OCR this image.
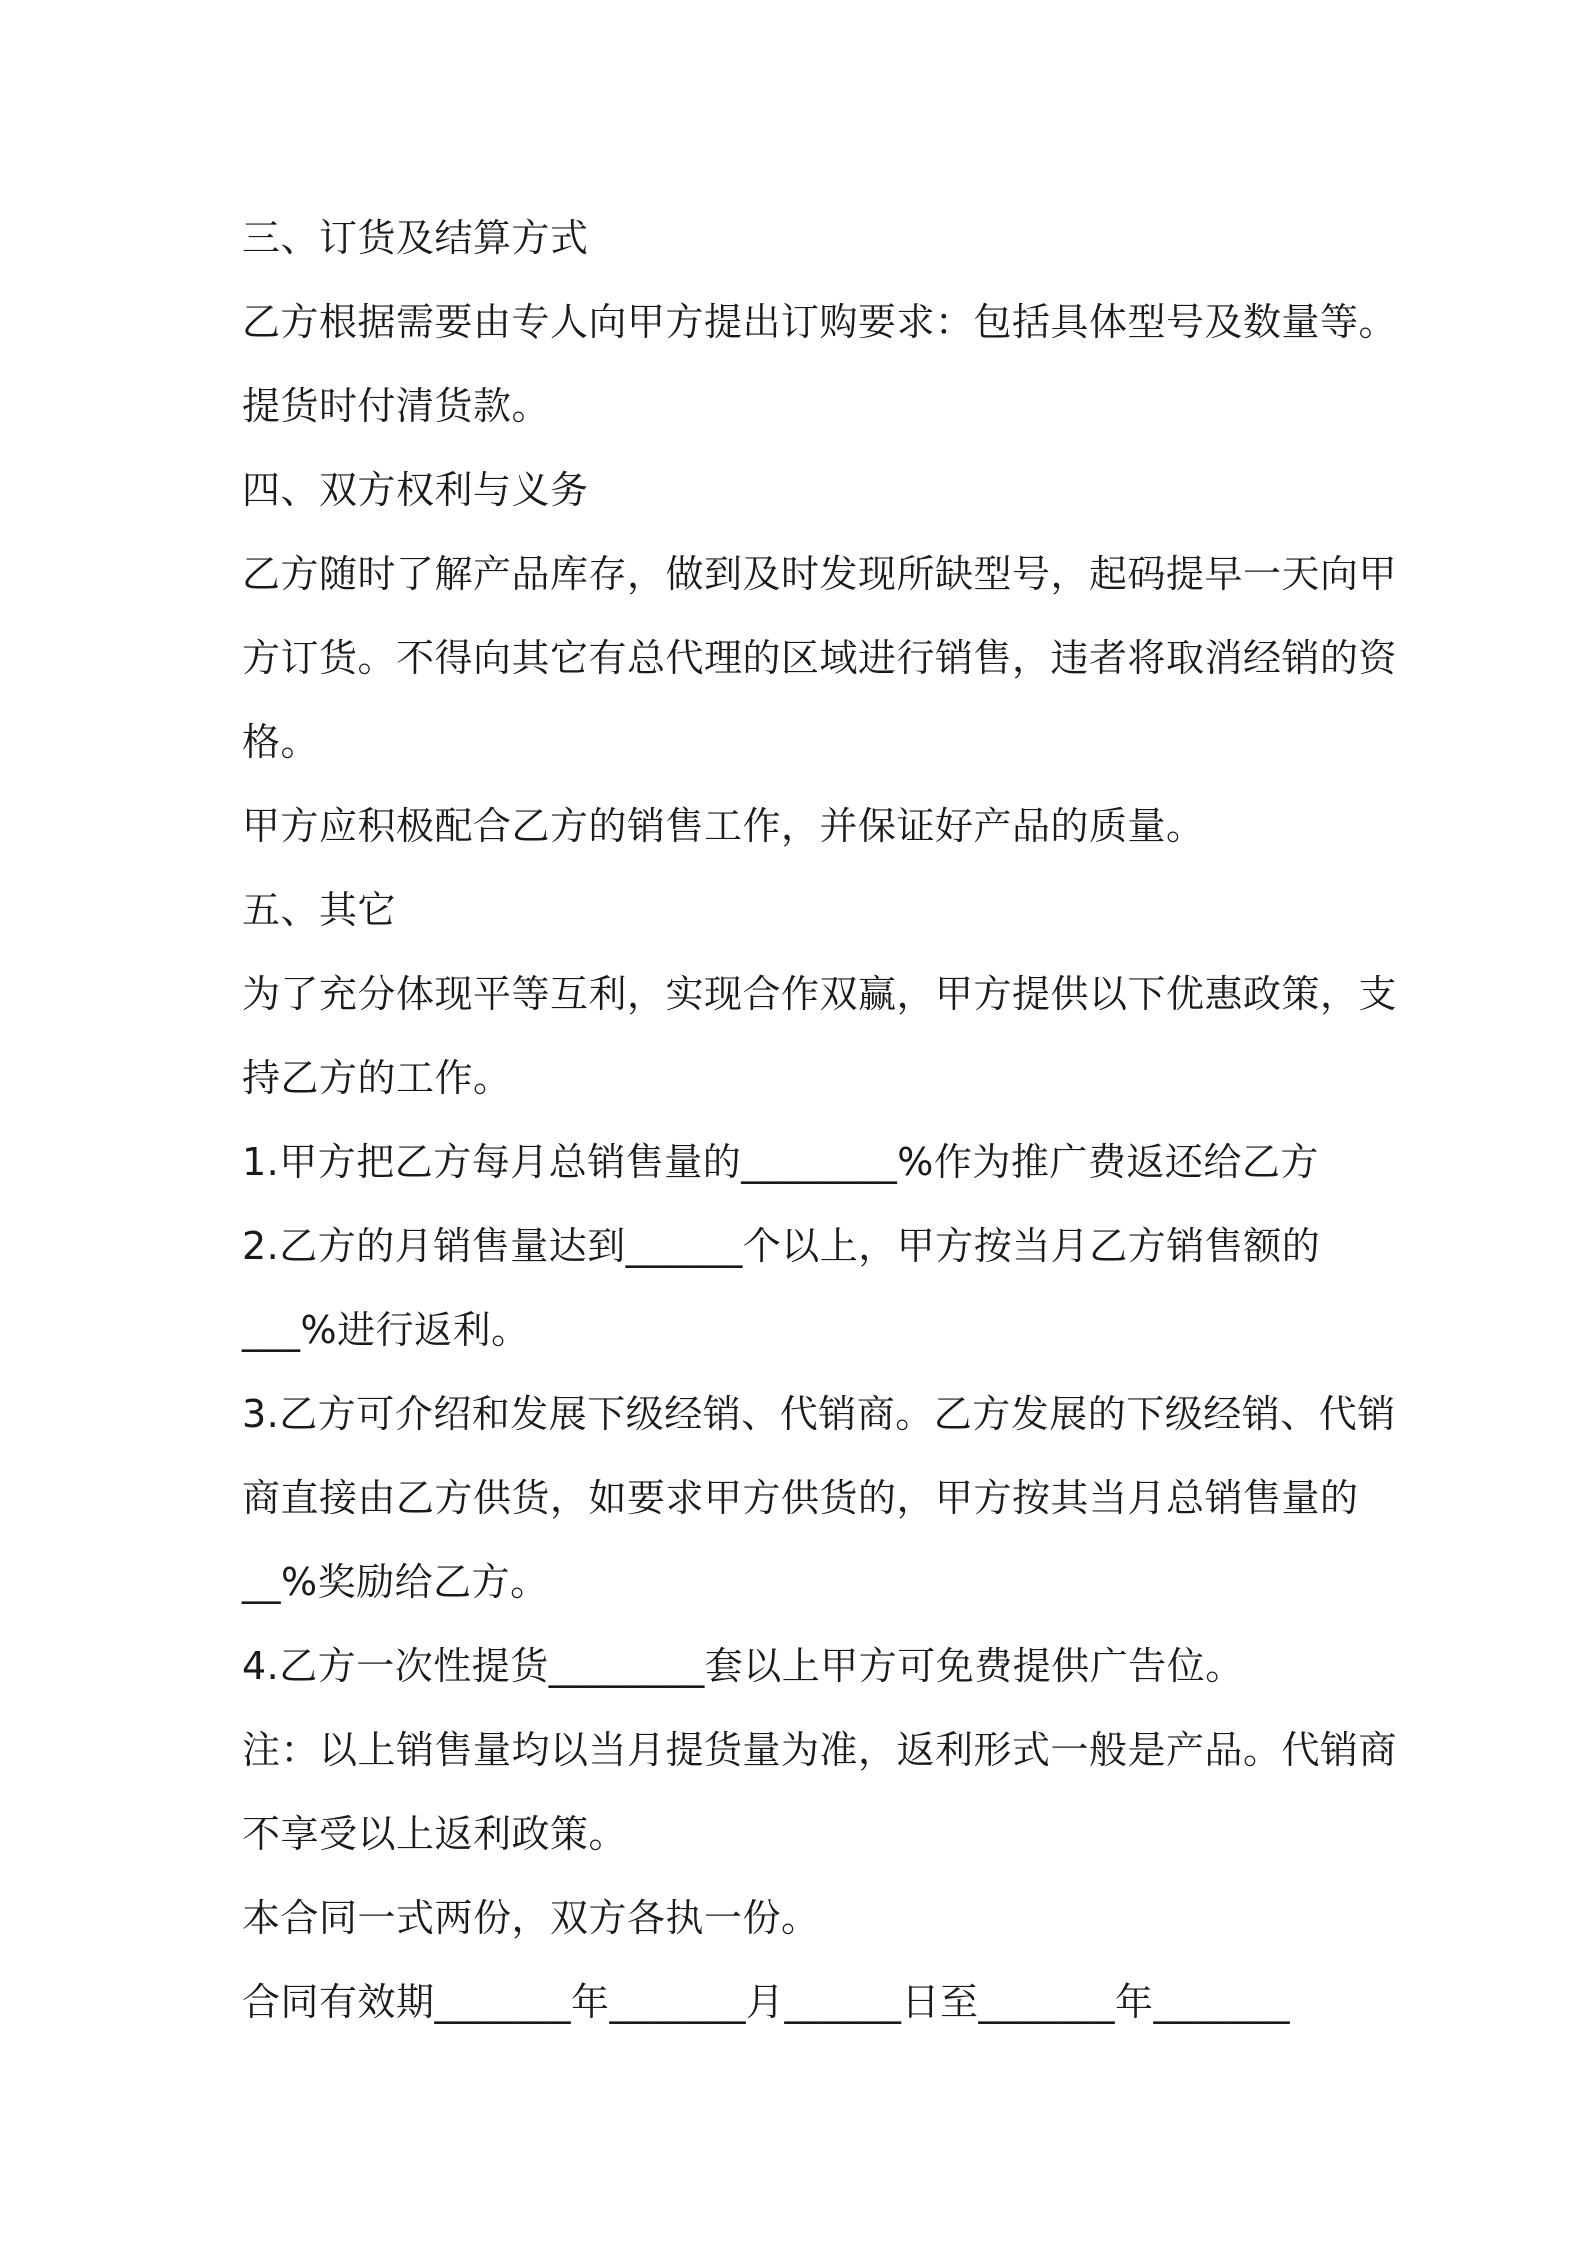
三、订货及结算方式
乙方根据需要由专人向甲方提出订购要求：包括具体型号及数量等。
提货时付清货款。
四、双方权利与义务
乙方随时了解产品库存，做到及时发现所缺型号，起码提早一天向甲
方订货。不得向其它有总代理的区域进行销售，违者将取消经销的资
格。
甲方应积极配合乙方的销售工作，并保证好产品的质量。
五、其它
为了充分体现平等互利，实现合作双赢，甲方提供以下优惠政策，支
持乙方的工作。
1.甲方把乙方每月总销售量的________%作为推广费返还给乙方
2.乙方的月销售量达到______个以上，甲方按当月乙方销售额的
___%进行返利。
3.乙方可介绍和发展下级经销、代销商。乙方发展的下级经销、代销
商直接由乙方供货，如要求甲方供货的，甲方按其当月总销售量的
__%奖励给乙方。
4.乙方一次性提货________套以上甲方可免费提供广告位。
注：以上销售量均以当月提货量为准，返利形式一般是产品。代销商
不享受以上返利政策。
本合同一式两份，双方各执一份。
合同有效期_______年_______月______日至_______年_______
